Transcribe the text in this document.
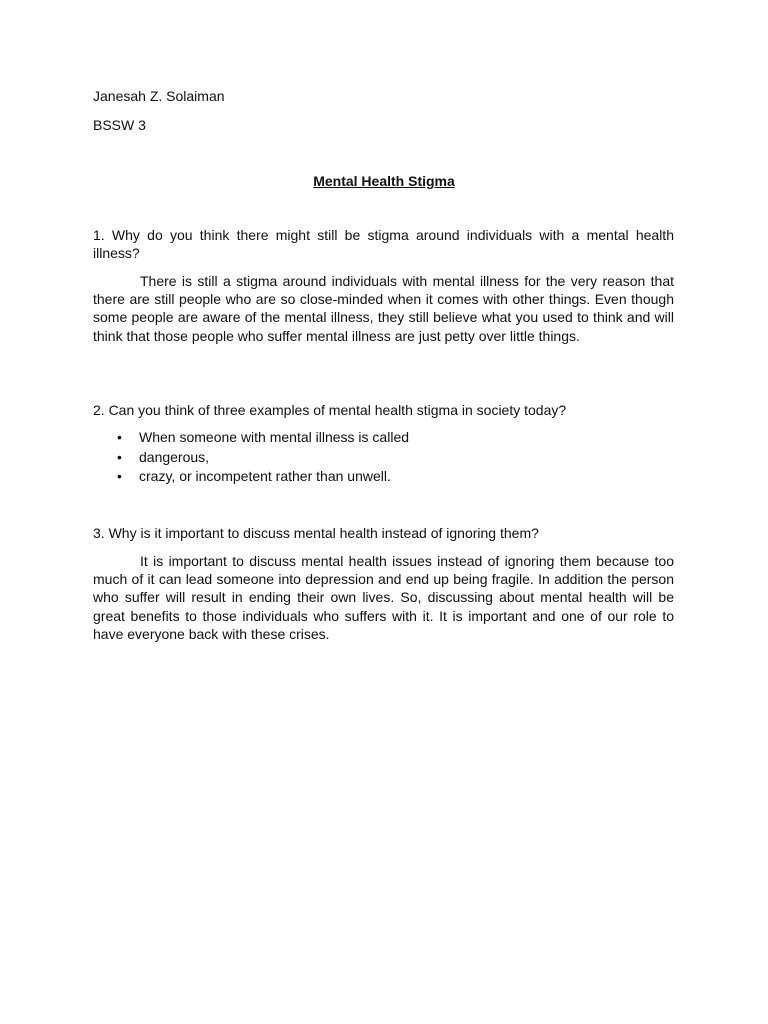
Janesah Z. Solaiman
BSSW 3
Mental Health Stigma

1. Why do you think there might still be stigma around individuals with a mental health illness?

There is still a stigma around individuals with mental illness for the very reason that there are still people who are so close-minded when it comes with other things. Even though some people are aware of the mental illness, they still believe what you used to think and will think that those people who suffer mental illness are just petty over little things.

2. Can you think of three examples of mental health stigma in society today?

• When someone with mental illness is called
• dangerous,
• crazy, or incompetent rather than unwell.

3. Why is it important to discuss mental health instead of ignoring them?

It is important to discuss mental health issues instead of ignoring them because too much of it can lead someone into depression and end up being fragile. In addition the person who suffer will result in ending their own lives. So, discussing about mental health will be great benefits to those individuals who suffers with it. It is important and one of our role to have everyone back with these crises.
